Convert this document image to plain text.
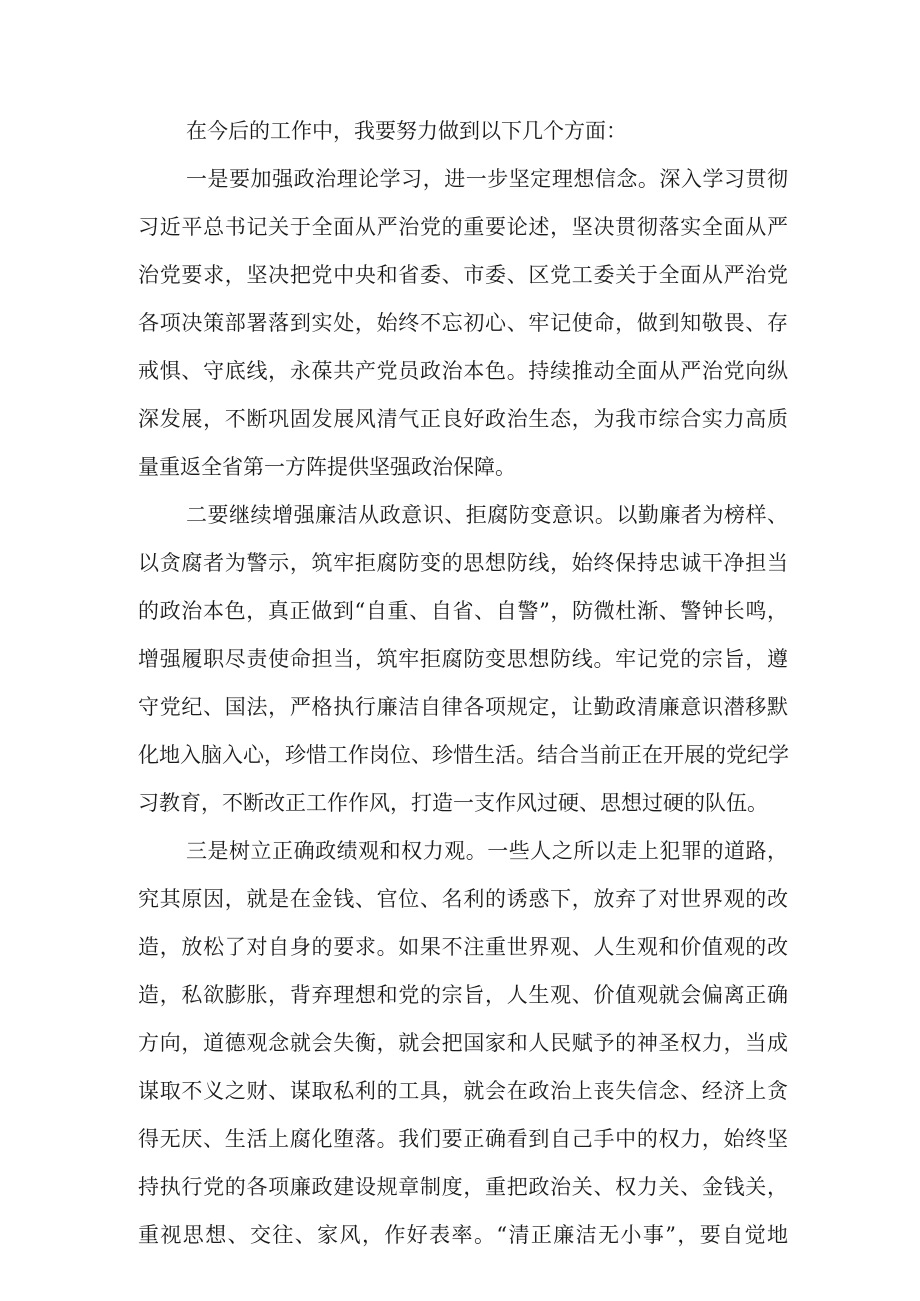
在今后的工作中，我要努力做到以下几个方面：
一是要加强政治理论学习，进一步坚定理想信念。深入学习贯彻
习近平总书记关于全面从严治党的重要论述，坚决贯彻落实全面从严
治党要求，坚决把党中央和省委、市委、区党工委关于全面从严治党
各项决策部署落到实处，始终不忘初心、牢记使命，做到知敬畏、存
戒惧、守底线，永葆共产党员政治本色。持续推动全面从严治党向纵
深发展，不断巩固发展风清气正良好政治生态，为我市综合实力高质
量重返全省第一方阵提供坚强政治保障。
二要继续增强廉洁从政意识、拒腐防变意识。以勤廉者为榜样、
以贪腐者为警示，筑牢拒腐防变的思想防线，始终保持忠诚干净担当
的政治本色，真正做到“自重、自省、自警”，防微杜渐、警钟长鸣，
增强履职尽责使命担当，筑牢拒腐防变思想防线。牢记党的宗旨，遵
守党纪、国法，严格执行廉洁自律各项规定，让勤政清廉意识潜移默
化地入脑入心，珍惜工作岗位、珍惜生活。结合当前正在开展的党纪学
习教育，不断改正工作作风，打造一支作风过硬、思想过硬的队伍。
三是树立正确政绩观和权力观。一些人之所以走上犯罪的道路，
究其原因，就是在金钱、官位、名利的诱惑下，放弃了对世界观的改
造，放松了对自身的要求。如果不注重世界观、人生观和价值观的改
造，私欲膨胀，背弃理想和党的宗旨，人生观、价值观就会偏离正确
方向，道德观念就会失衡，就会把国家和人民赋予的神圣权力，当成
谋取不义之财、谋取私利的工具，就会在政治上丧失信念、经济上贪
得无厌、生活上腐化堕落。我们要正确看到自己手中的权力，始终坚
持执行党的各项廉政建设规章制度，重把政治关、权力关、金钱关，
重视思想、交往、家风，作好表率。“清正廉洁无小事”，要自觉地
